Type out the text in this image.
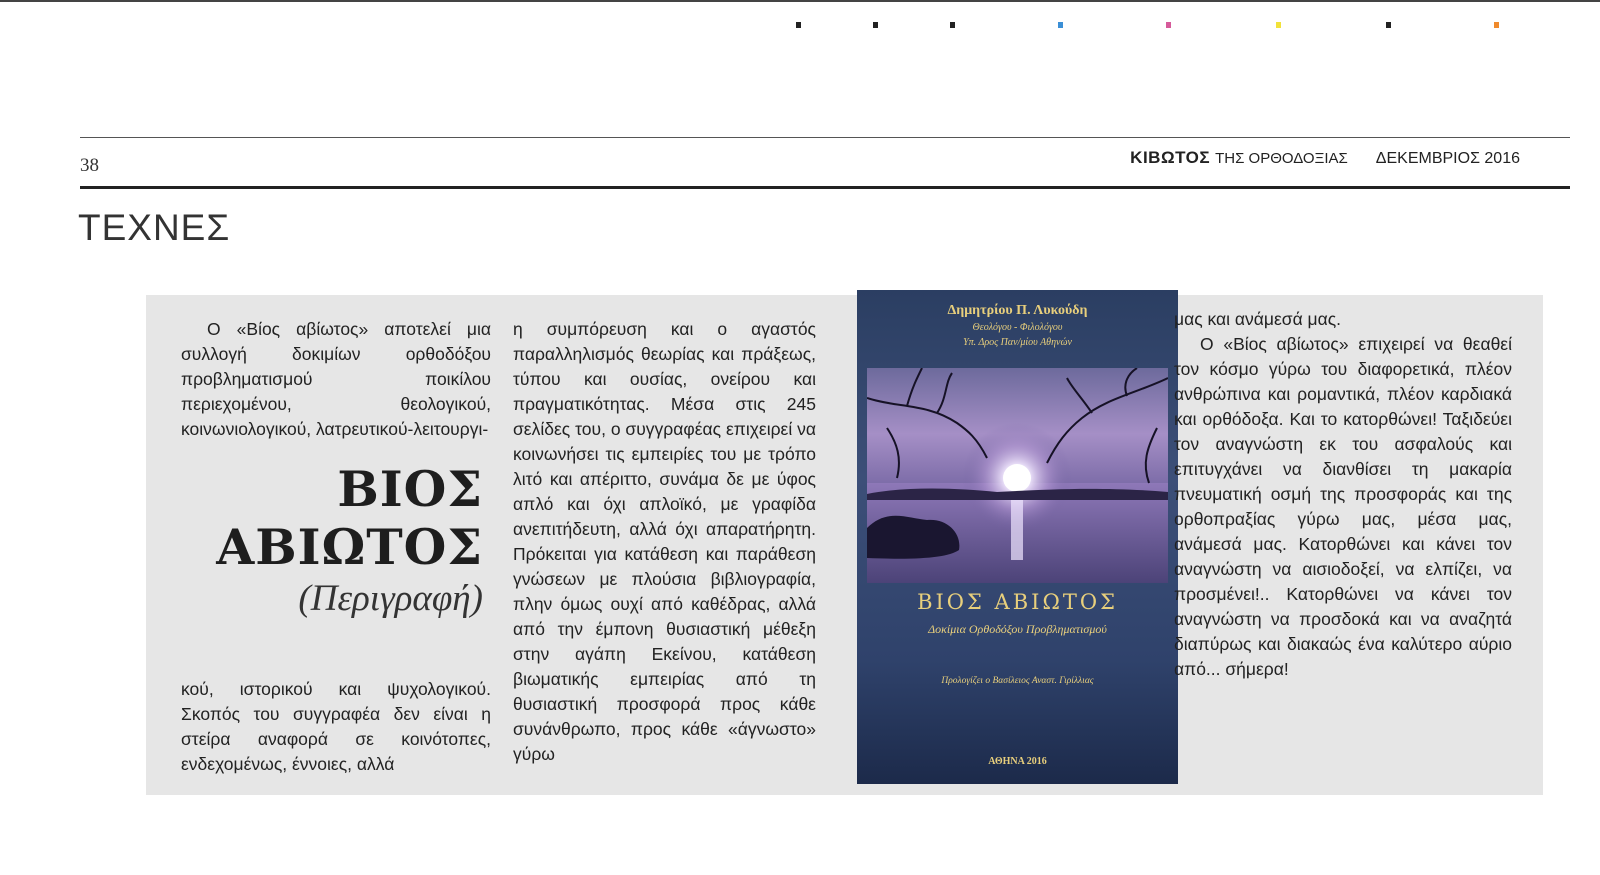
38	ΚΙΒΩΤΟΣ ΤΗΣ ΟΡΘΟΔΟΞΙΑΣ ΔΕΚΕΜΒΡΙΟΣ 2016
ΤΕΧΝΕΣ

Ο «Βίος αβίωτος» αποτελεί μια συλλογή δοκιμίων ορθοδόξου προβληματισμού ποικίλου περιεχομένου, θεολογικού, κοινωνιολογικού, λατρευτικού-λειτουργι-

ΒΙΟΣ
ΑΒΙΩΤΟΣ
(Περιγραφή)

κού, ιστορικού και ψυχολογικού. Σκοπός του συγγραφέα δεν είναι η στείρα αναφορά σε κοινότοπες, ενδεχομένως, έννοιες, αλλά

η συμπόρευση και ο αγαστός παραλληλισμός θεωρίας και πράξεως, τύπου και ουσίας, ονείρου και πραγματικότητας. Μέσα στις 245 σελίδες του, ο συγγραφέας επιχειρεί να κοινωνήσει τις εμπειρίες του με τρόπο λιτό και απέριττο, συνάμα δε με ύφος απλό και όχι απλοϊκό, με γραφίδα ανεπιτήδευτη, αλλά όχι απαρατήρητη. Πρόκειται για κατάθεση και παράθεση γνώσεων με πλούσια βιβλιογραφία, πλην όμως ουχί από καθέδρας, αλλά από την έμπονη θυσιαστική μέθεξη στην αγάπη Εκείνου, κατάθεση βιωματικής εμπειρίας από τη θυσιαστική προσφορά προς κάθε συνάνθρωπο, προς κάθε «άγνωστο» γύρω

Δημητρίου Π. Λυκούδη
Θεολόγου - Φιλολόγου
Υπ. Δρος Παν/μίου Αθηνών
ΒΙΟΣ ΑΒΙΩΤΟΣ
Δοκίμια Ορθοδόξου Προβληματισμού
Προλογίζει ο Βασίλειος Αναστ. Γιρίλλιας
ΑΘΗΝΑ 2016

μας και ανάμεσά μας.

Ο «Βίος αβίωτος» επιχειρεί να θεαθεί τον κόσμο γύρω του διαφορετικά, πλέον ανθρώπινα και ρομαντικά, πλέον καρδιακά και ορθόδοξα. Και το κατορθώνει! Ταξιδεύει τον αναγνώστη εκ του ασφαλούς και επιτυγχάνει να διανθίσει τη μακαρία πνευματική οσμή της προσφοράς και της ορθοπραξίας γύρω μας, μέσα μας, ανάμεσά μας. Κατορθώνει και κάνει τον αναγνώστη να αισιοδοξεί, να ελπίζει, να προσμένει!.. Κατορθώνει να κάνει τον αναγνώστη να προσδοκά και να αναζητά διαπύρως και διακαώς ένα καλύτερο αύριο από... σήμερα!
